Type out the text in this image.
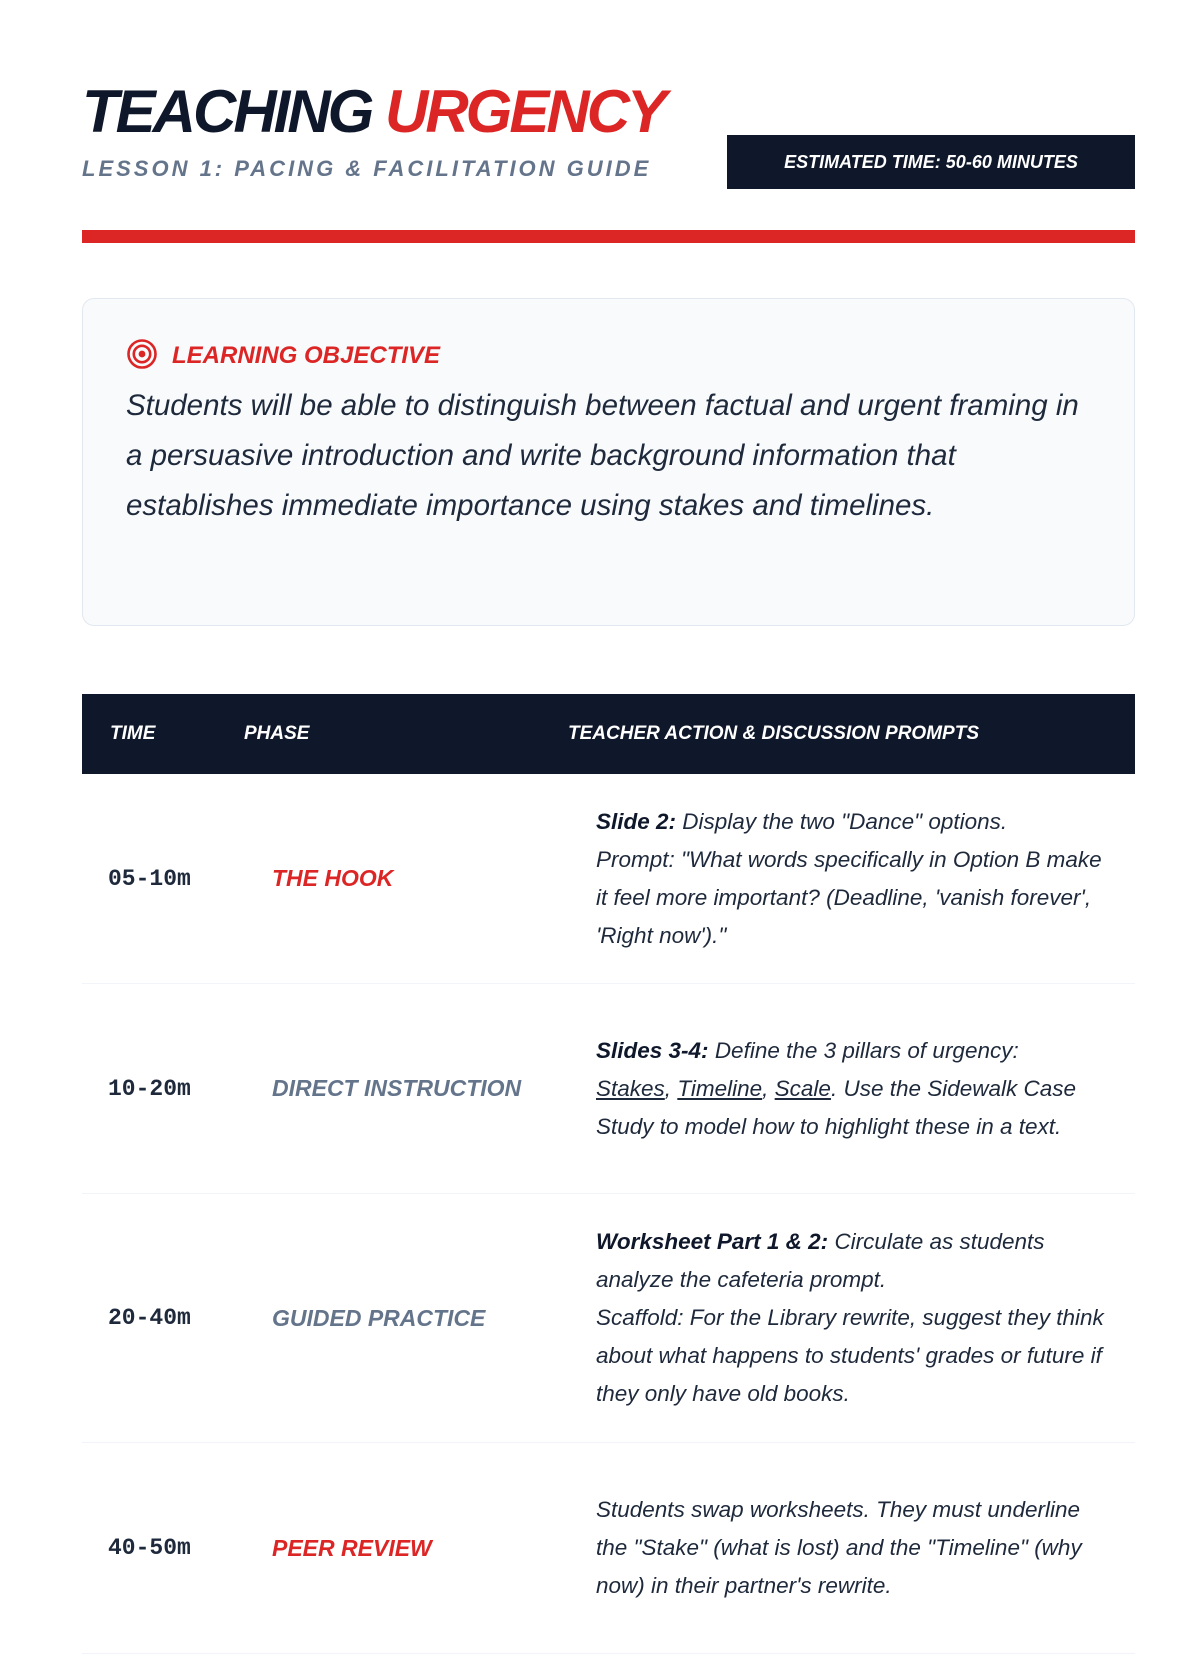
TEACHING URGENCY
LESSON 1: PACING & FACILITATION GUIDE	ESTIMATED TIME: 50-60 MINUTES
LEARNING OBJECTIVE
Students will be able to distinguish between factual and urgent framing in a persuasive introduction and write background information that establishes immediate importance using stakes and timelines.
TIME	PHASE	TEACHER ACTION & DISCUSSION PROMPTS
05-10m	THE HOOK
Slide 2: Display the two "Dance" options.
Prompt: "What words specifically in Option B make it feel more important? (Deadline, 'vanish forever', 'Right now')."
10-20m	DIRECT INSTRUCTION
Slides 3-4: Define the 3 pillars of urgency:
Stakes, Timeline, Scale. Use the Sidewalk Case Study to model how to highlight these in a text.
20-40m	GUIDED PRACTICE
Worksheet Part 1 & 2: Circulate as students analyze the cafeteria prompt.
Scaffold: For the Library rewrite, suggest they think about what happens to students' grades or future if they only have old books.
40-50m	PEER REVIEW
Students swap worksheets. They must underline the "Stake" (what is lost) and the "Timeline" (why now) in their partner's rewrite.
